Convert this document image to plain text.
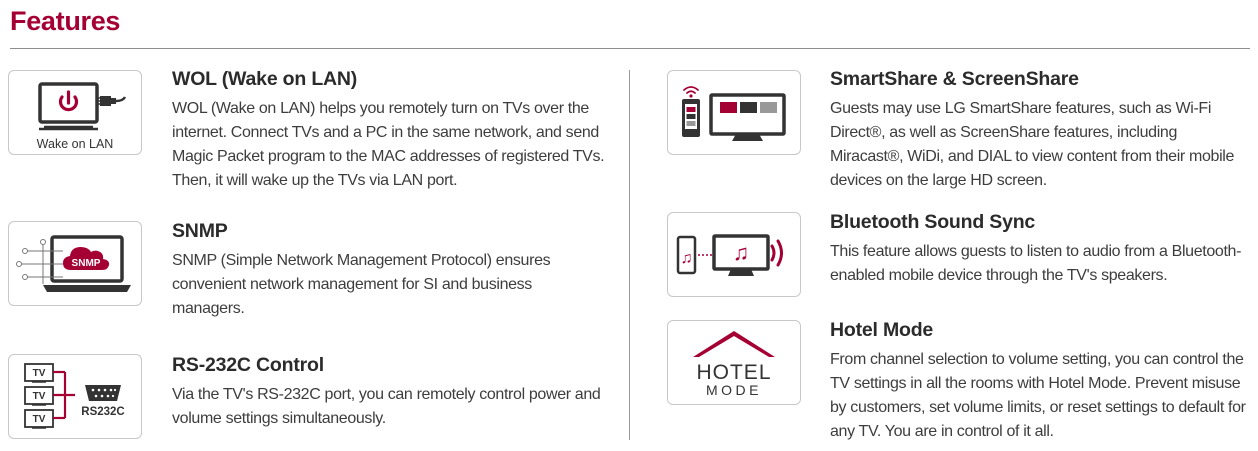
Features
Wake on LAN
WOL (Wake on LAN)
WOL (Wake on LAN) helps you remotely turn on TVs over the internet. Connect TVs and a PC in the same network, and send Magic Packet program to the MAC addresses of registered TVs. Then, it will wake up the TVs via LAN port.
SNMP
SNMP
SNMP (Simple Network Management Protocol) ensures convenient network management for SI and business managers.
TV
TV
TV
RS232C
RS-232C Control
Via the TV's RS-232C port, you can remotely control power and volume settings simultaneously.
SmartShare & ScreenShare
Guests may use LG SmartShare features, such as Wi-Fi Direct®, as well as ScreenShare features, including Miracast®, WiDi, and DIAL to view content from their mobile devices on the large HD screen.
♫ ♫
Bluetooth Sound Sync
This feature allows guests to listen to audio from a Bluetooth-enabled mobile device through the TV's speakers.
HOTEL
MODE
Hotel Mode
From channel selection to volume setting, you can control the TV settings in all the rooms with Hotel Mode. Prevent misuse by customers, set volume limits, or reset settings to default for any TV. You are in control of it all.
